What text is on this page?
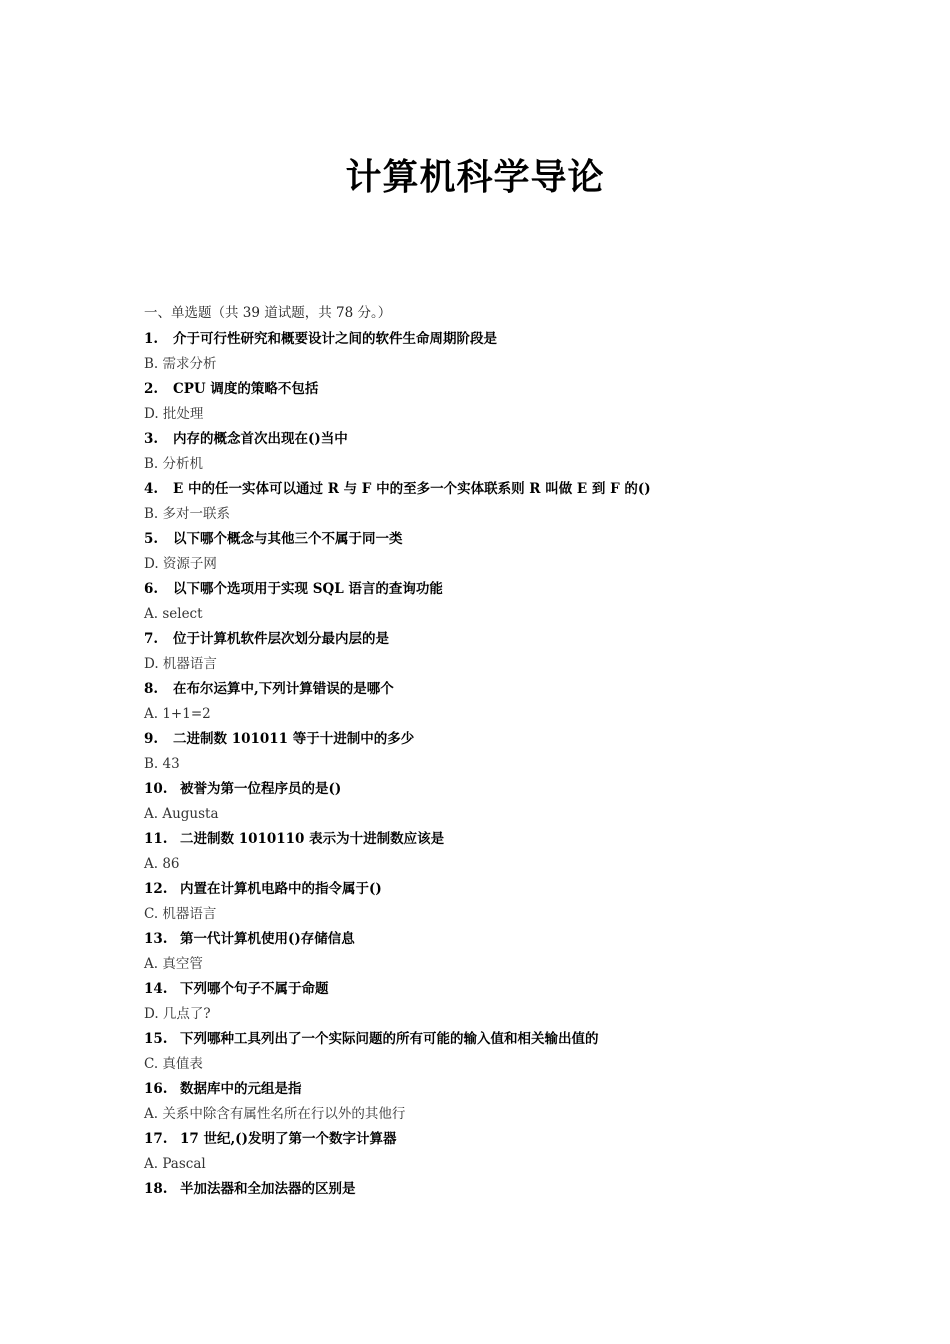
计算机科学导论
一、单选题（共 39 道试题，共 78 分。）
1. 介于可行性研究和概要设计之间的软件生命周期阶段是
B. 需求分析
2. CPU 调度的策略不包括
D. 批处理
3. 内存的概念首次出现在()当中
B. 分析机
4. E 中的任一实体可以通过 R 与 F 中的至多一个实体联系则 R 叫做 E 到 F 的()
B. 多对一联系
5. 以下哪个概念与其他三个不属于同一类
D. 资源子网
6. 以下哪个选项用于实现 SQL 语言的查询功能
A. select
7. 位于计算机软件层次划分最内层的是
D. 机器语言
8. 在布尔运算中,下列计算错误的是哪个
A. 1+1=2
9. 二进制数 101011 等于十进制中的多少
B. 43
10. 被誉为第一位程序员的是()
A. Augusta
11. 二进制数 1010110 表示为十进制数应该是
A. 86
12. 内置在计算机电路中的指令属于()
C. 机器语言
13. 第一代计算机使用()存储信息
A. 真空管
14. 下列哪个句子不属于命题
D. 几点了?
15. 下列哪种工具列出了一个实际问题的所有可能的输入值和相关输出值的
C. 真值表
16. 数据库中的元组是指
A. 关系中除含有属性名所在行以外的其他行
17. 17 世纪,()发明了第一个数字计算器
A. Pascal
18. 半加法器和全加法器的区别是
